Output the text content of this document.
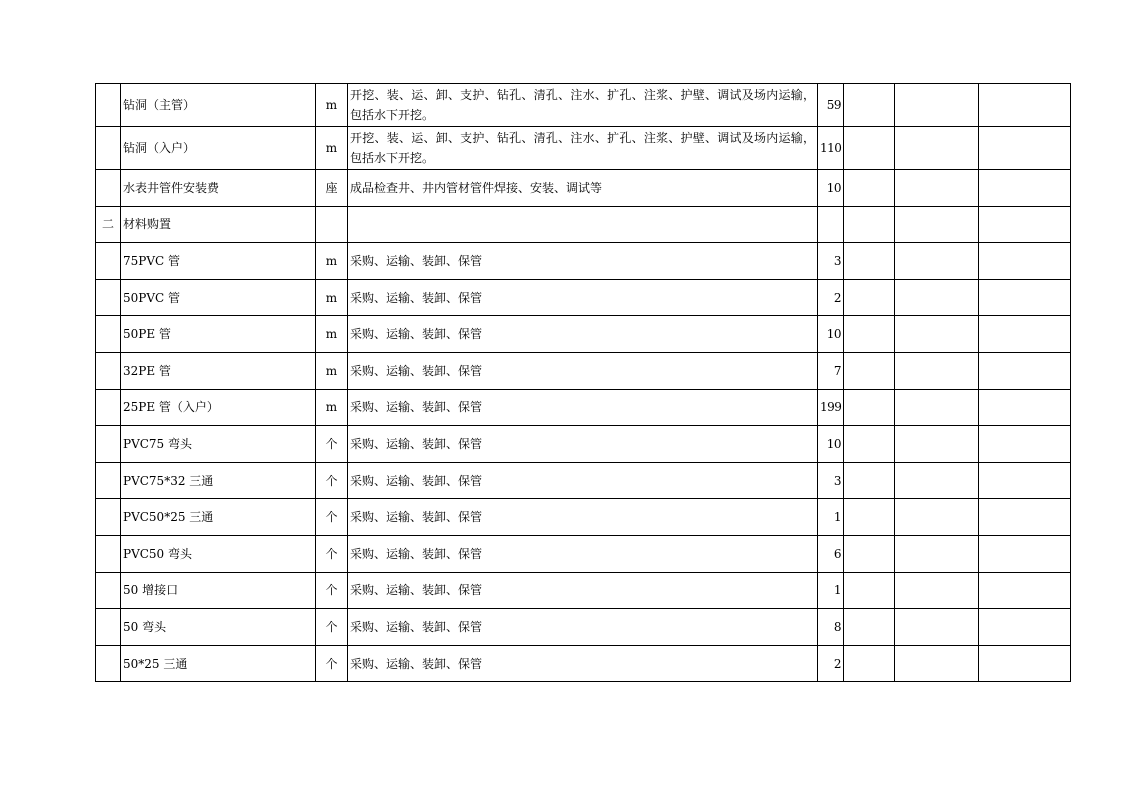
	钻洞（主管）	m	开挖、装、运、卸、支护、钻孔、清孔、注水、扩孔、注浆、护壁、调试及场内运输，包括水下开挖。	59			
	钻洞（入户）	m	开挖、装、运、卸、支护、钻孔、清孔、注水、扩孔、注浆、护壁、调试及场内运输，包括水下开挖。	110			
	水表井管件安装费	座	成品检查井、井内管材管件焊接、安装、调试等	10			
二	材料购置						
	75PVC 管	m	采购、运输、装卸、保管	3			
	50PVC 管	m	采购、运输、装卸、保管	2			
	50PE 管	m	采购、运输、装卸、保管	10			
	32PE 管	m	采购、运输、装卸、保管	7			
	25PE 管（入户）	m	采购、运输、装卸、保管	199			
	PVC75 弯头	个	采购、运输、装卸、保管	10			
	PVC75*32 三通	个	采购、运输、装卸、保管	3			
	PVC50*25 三通	个	采购、运输、装卸、保管	1			
	PVC50 弯头	个	采购、运输、装卸、保管	6			
	50 增接口	个	采购、运输、装卸、保管	1			
	50 弯头	个	采购、运输、装卸、保管	8			
	50*25 三通	个	采购、运输、装卸、保管	2			
